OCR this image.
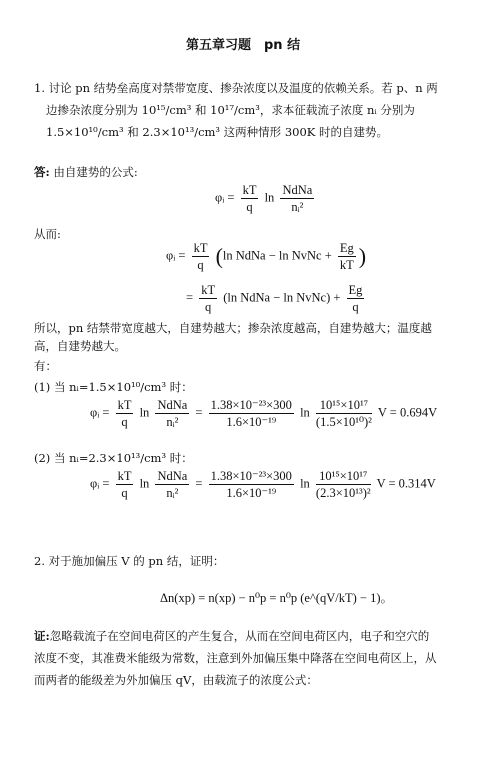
第五章习题　pn 结
1. 讨论 pn 结势垒高度对禁带宽度、掺杂浓度以及温度的依赖关系。若 p、n 两
边掺杂浓度分别为 10¹⁵/cm³ 和 10¹⁷/cm³，求本征载流子浓度 nᵢ 分别为
1.5×10¹⁰/cm³ 和 2.3×10¹³/cm³ 这两种情形 300K 时的自建势。
答: 由自建势的公式:
φᵢ = $\frac{kT}{q}$ $\ln \frac{\text{NdNa}}{\text{nᵢ²}}$
从而:
φᵢ = $\frac{kT}{q} (\ln$ NdNa − ln NvNc + $\frac{Eg}{kT}$ )
= $\frac{kT}{q} (\ln$ NdNa − ln NvNc) + $\frac{Eg}{q}$
所以，pn 结禁带宽度越大，自建势越大；掺杂浓度越高，自建势越大；温度越
高，自建势越大。
有：
(1) 当 nᵢ=1.5×10¹⁰/cm³ 时：
φᵢ = $\frac{kT}{q}$ $\ln \frac{\text{NdNa}}{\text{nᵢ²}} = \frac{\text{1.38×10⁻²³×300}}{\text{1.6×10⁻¹⁹}}$ $\ln \frac{\text{10¹⁵×10¹⁷}}{\text{(1.5×10¹⁰)²}}$ V = 0.694V
(2) 当 nᵢ=2.3×10¹³/cm³ 时：
φᵢ = $\frac{kT}{q}$ $\ln \frac{\text{NdNa}}{\text{nᵢ²}} = \frac{\text{1.38×10⁻²³×300}}{\text{1.6×10⁻¹⁹}}$ $\ln \frac{\text{10¹⁵×10¹⁷}}{\text{(2.3×10¹³)²}}$ V = 0.314V
2. 对于施加偏压 V 的 pn 结，证明：
Δn(xp) = n(xp) − n⁰p = n⁰p (e^(qV/kT) − 1)。
证:忽略载流子在空间电荷区的产生复合，从而在空间电荷区内，电子和空穴的
浓度不变，其准费米能级为常数，注意到外加偏压集中降落在空间电荷区上，从
而两者的能级差为外加偏压 qV，由载流子的浓度公式：
